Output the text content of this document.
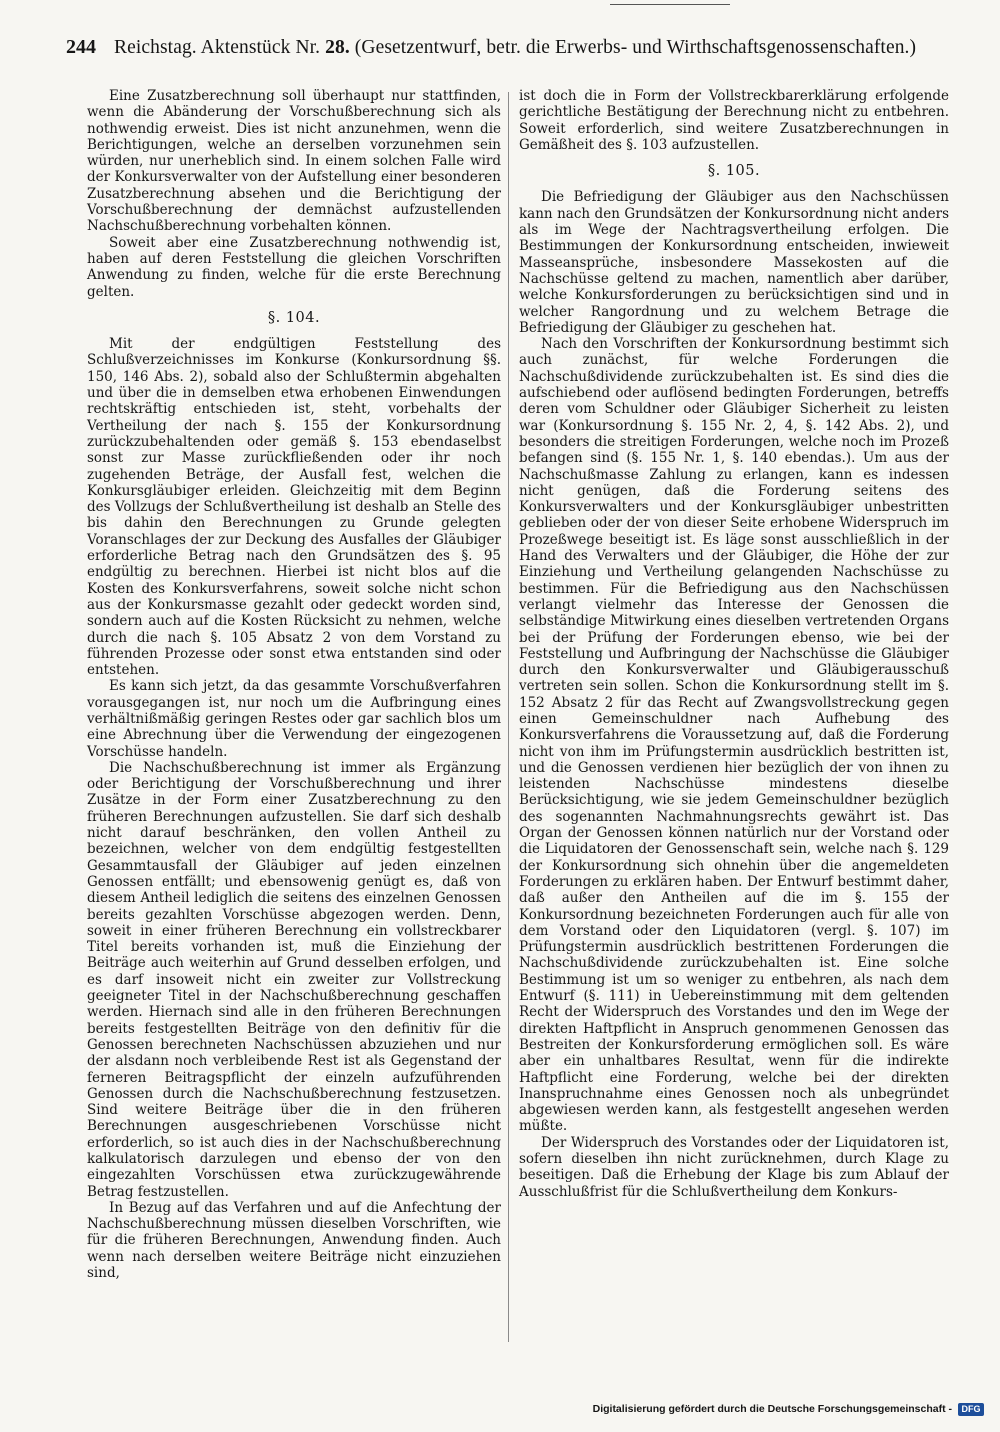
244 Reichstag. Aktenstück Nr. 28. (Gesetzentwurf, betr. die Erwerbs- und Wirthschaftsgenossenschaften.)

Eine Zusatzberechnung soll überhaupt nur stattfinden, wenn die Abänderung der Vorschußberechnung sich als nothwendig erweist. Dies ist nicht anzunehmen, wenn die Berichtigungen, welche an derselben vorzunehmen sein würden, nur unerheblich sind. In einem solchen Falle wird der Konkursverwalter von der Aufstellung einer besonderen Zusatzberechnung absehen und die Berichtigung der Vorschußberechnung der demnächst aufzustellenden Nachschußberechnung vorbehalten können.

Soweit aber eine Zusatzberechnung nothwendig ist, haben auf deren Feststellung die gleichen Vorschriften Anwendung zu finden, welche für die erste Berechnung gelten.

§. 104.

Mit der endgültigen Feststellung des Schlußverzeichnisses im Konkurse (Konkursordnung §§. 150, 146 Abs. 2), sobald also der Schlußtermin abgehalten und über die in demselben etwa erhobenen Einwendungen rechtskräftig entschieden ist, steht, vorbehalts der Vertheilung der nach §. 155 der Konkursordnung zurückzubehaltenden oder gemäß §. 153 ebendaselbst sonst zur Masse zurückfließenden oder ihr noch zugehenden Beträge, der Ausfall fest, welchen die Konkursgläubiger erleiden. Gleichzeitig mit dem Beginn des Vollzugs der Schlußvertheilung ist deshalb an Stelle des bis dahin den Berechnungen zu Grunde gelegten Voranschlages der zur Deckung des Ausfalles der Gläubiger erforderliche Betrag nach den Grundsätzen des §. 95 endgültig zu berechnen. Hierbei ist nicht blos auf die Kosten des Konkursverfahrens, soweit solche nicht schon aus der Konkursmasse gezahlt oder gedeckt worden sind, sondern auch auf die Kosten Rücksicht zu nehmen, welche durch die nach §. 105 Absatz 2 von dem Vorstand zu führenden Prozesse oder sonst etwa entstanden sind oder entstehen.

Es kann sich jetzt, da das gesammte Vorschußverfahren vorausgegangen ist, nur noch um die Aufbringung eines verhältnißmäßig geringen Restes oder gar sachlich blos um eine Abrechnung über die Verwendung der eingezogenen Vorschüsse handeln.

Die Nachschußberechnung ist immer als Ergänzung oder Berichtigung der Vorschußberechnung und ihrer Zusätze in der Form einer Zusatzberechnung zu den früheren Berechnungen aufzustellen. Sie darf sich deshalb nicht darauf beschränken, den vollen Antheil zu bezeichnen, welcher von dem endgültig festgestellten Gesammtausfall der Gläubiger auf jeden einzelnen Genossen entfällt; und ebensowenig genügt es, daß von diesem Antheil lediglich die seitens des einzelnen Genossen bereits gezahlten Vorschüsse abgezogen werden. Denn, soweit in einer früheren Berechnung ein vollstreckbarer Titel bereits vorhanden ist, muß die Einziehung der Beiträge auch weiterhin auf Grund desselben erfolgen, und es darf insoweit nicht ein zweiter zur Vollstreckung geeigneter Titel in der Nachschußberechnung geschaffen werden. Hiernach sind alle in den früheren Berechnungen bereits festgestellten Beiträge von den definitiv für die Genossen berechneten Nachschüssen abzuziehen und nur der alsdann noch verbleibende Rest ist als Gegenstand der ferneren Beitragspflicht der einzeln aufzuführenden Genossen durch die Nachschußberechnung festzusetzen. Sind weitere Beiträge über die in den früheren Berechnungen ausgeschriebenen Vorschüsse nicht erforderlich, so ist auch dies in der Nachschußberechnung kalkulatorisch darzulegen und ebenso der von den eingezahlten Vorschüssen etwa zurückzugewährende Betrag festzustellen.

In Bezug auf das Verfahren und auf die Anfechtung der Nachschußberechnung müssen dieselben Vorschriften, wie für die früheren Berechnungen, Anwendung finden. Auch wenn nach derselben weitere Beiträge nicht einzuziehen sind,

ist doch die in Form der Vollstreckbarerklärung erfolgende gerichtliche Bestätigung der Berechnung nicht zu entbehren. Soweit erforderlich, sind weitere Zusatzberechnungen in Gemäßheit des §. 103 aufzustellen.

§. 105.

Die Befriedigung der Gläubiger aus den Nachschüssen kann nach den Grundsätzen der Konkursordnung nicht anders als im Wege der Nachtragsvertheilung erfolgen. Die Bestimmungen der Konkursordnung entscheiden, inwieweit Masseansprüche, insbesondere Massekosten auf die Nachschüsse geltend zu machen, namentlich aber darüber, welche Konkursforderungen zu berücksichtigen sind und in welcher Rangordnung und zu welchem Betrage die Befriedigung der Gläubiger zu geschehen hat.

Nach den Vorschriften der Konkursordnung bestimmt sich auch zunächst, für welche Forderungen die Nachschußdividende zurückzubehalten ist. Es sind dies die aufschiebend oder auflösend bedingten Forderungen, betreffs deren vom Schuldner oder Gläubiger Sicherheit zu leisten war (Konkursordnung §. 155 Nr. 2, 4, §. 142 Abs. 2), und besonders die streitigen Forderungen, welche noch im Prozeß befangen sind (§. 155 Nr. 1, §. 140 ebendas.). Um aus der Nachschußmasse Zahlung zu erlangen, kann es indessen nicht genügen, daß die Forderung seitens des Konkursverwalters und der Konkursgläubiger unbestritten geblieben oder der von dieser Seite erhobene Widerspruch im Prozeßwege beseitigt ist. Es läge sonst ausschließlich in der Hand des Verwalters und der Gläubiger, die Höhe der zur Einziehung und Vertheilung gelangenden Nachschüsse zu bestimmen. Für die Befriedigung aus den Nachschüssen verlangt vielmehr das Interesse der Genossen die selbständige Mitwirkung eines dieselben vertretenden Organs bei der Prüfung der Forderungen ebenso, wie bei der Feststellung und Aufbringung der Nachschüsse die Gläubiger durch den Konkursverwalter und Gläubigerausschuß vertreten sein sollen. Schon die Konkursordnung stellt im §. 152 Absatz 2 für das Recht auf Zwangsvollstreckung gegen einen Gemeinschuldner nach Aufhebung des Konkursverfahrens die Voraussetzung auf, daß die Forderung nicht von ihm im Prüfungstermin ausdrücklich bestritten ist, und die Genossen verdienen hier bezüglich der von ihnen zu leistenden Nachschüsse mindestens dieselbe Berücksichtigung, wie sie jedem Gemeinschuldner bezüglich des sogenannten Nachmahnungsrechts gewährt ist. Das Organ der Genossen können natürlich nur der Vorstand oder die Liquidatoren der Genossenschaft sein, welche nach §. 129 der Konkursordnung sich ohnehin über die angemeldeten Forderungen zu erklären haben. Der Entwurf bestimmt daher, daß außer den Antheilen auf die im §. 155 der Konkursordnung bezeichneten Forderungen auch für alle von dem Vorstand oder den Liquidatoren (vergl. §. 107) im Prüfungstermin ausdrücklich bestrittenen Forderungen die Nachschußdividende zurückzubehalten ist. Eine solche Bestimmung ist um so weniger zu entbehren, als nach dem Entwurf (§. 111) in Uebereinstimmung mit dem geltenden Recht der Widerspruch des Vorstandes und den im Wege der direkten Haftpflicht in Anspruch genommenen Genossen das Bestreiten der Konkursforderung ermöglichen soll. Es wäre aber ein unhaltbares Resultat, wenn für die indirekte Haftpflicht eine Forderung, welche bei der direkten Inanspruchnahme eines Genossen noch als unbegründet abgewiesen werden kann, als festgestellt angesehen werden müßte.

Der Widerspruch des Vorstandes oder der Liquidatoren ist, sofern dieselben ihn nicht zurücknehmen, durch Klage zu beseitigen. Daß die Erhebung der Klage bis zum Ablauf der Ausschlußfrist für die Schlußvertheilung dem Konkurs-

Digitalisierung gefördert durch die Deutsche Forschungsgemeinschaft -	DFG
